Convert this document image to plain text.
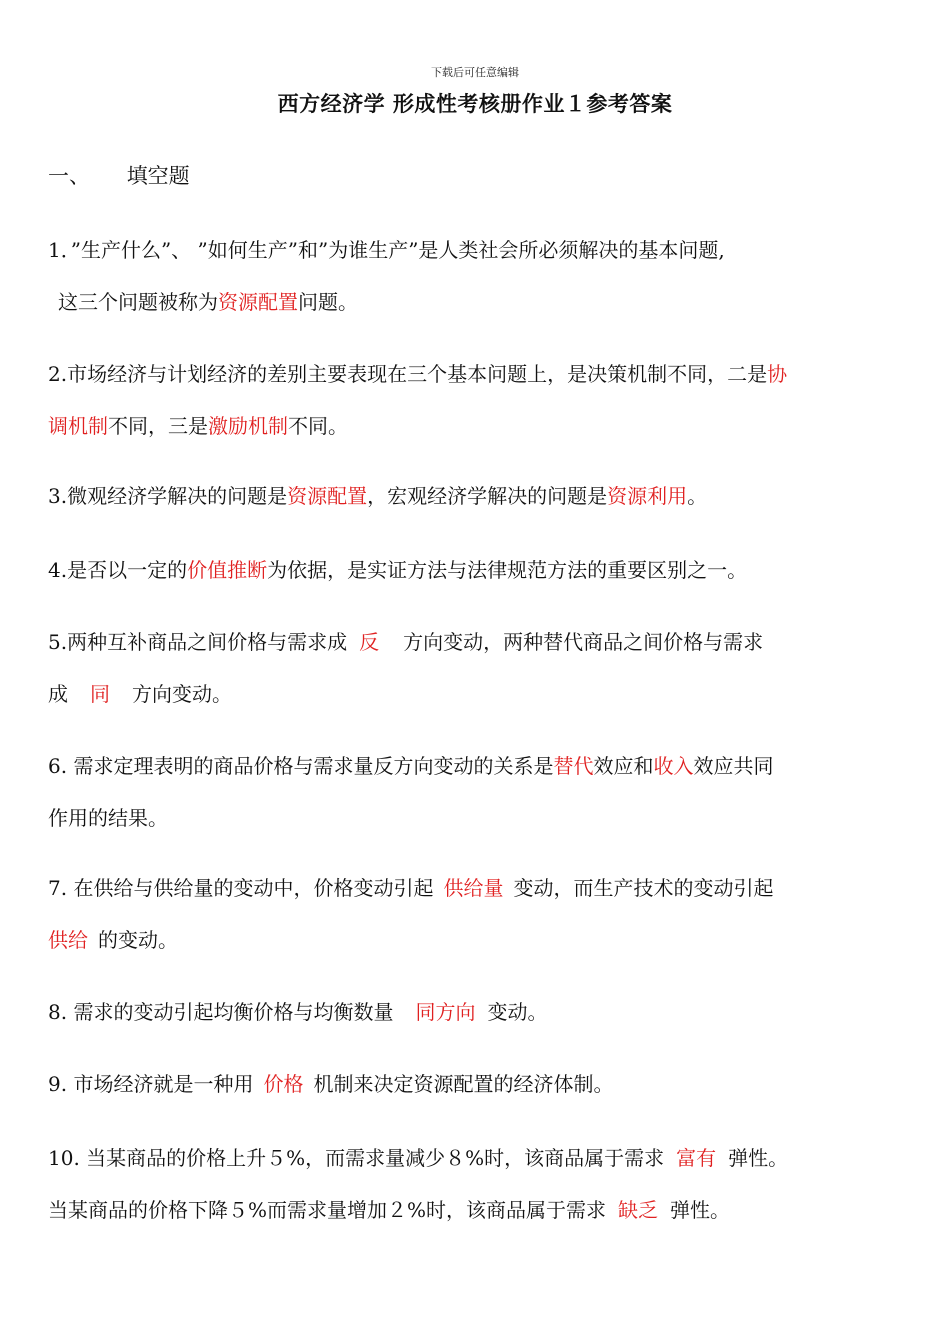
下载后可任意编辑
西方经济学 形成性考核册作业１参考答案
一、 填空题
1．”生产什么”、 ”如何生产”和”为谁生产”是人类社会所必须解决的基本问题,
这三个问题被称为资源配置问题。
2.市场经济与计划经济的差别主要表现在三个基本问题上，是决策机制不同，二是协
调机制不同，三是激励机制不同。
3.微观经济学解决的问题是资源配置，宏观经济学解决的问题是资源利用。
4.是否以一定的价值推断为依据，是实证方法与法律规范方法的重要区别之一。
5.两种互补商品之间价格与需求成 反 方向变动，两种替代商品之间价格与需求
成 同 方向变动。
6. 需求定理表明的商品价格与需求量反方向变动的关系是替代效应和收入效应共同
作用的结果。
7. 在供给与供给量的变动中，价格变动引起 供给量 变动，而生产技术的变动引起
供给 的变动。
8. 需求的变动引起均衡价格与均衡数量 同方向 变动。
9. 市场经济就是一种用 价格 机制来决定资源配置的经济体制。
10. 当某商品的价格上升５%，而需求量减少８%时，该商品属于需求 富有 弹性。
当某商品的价格下降５%而需求量增加２%时，该商品属于需求 缺乏 弹性。
